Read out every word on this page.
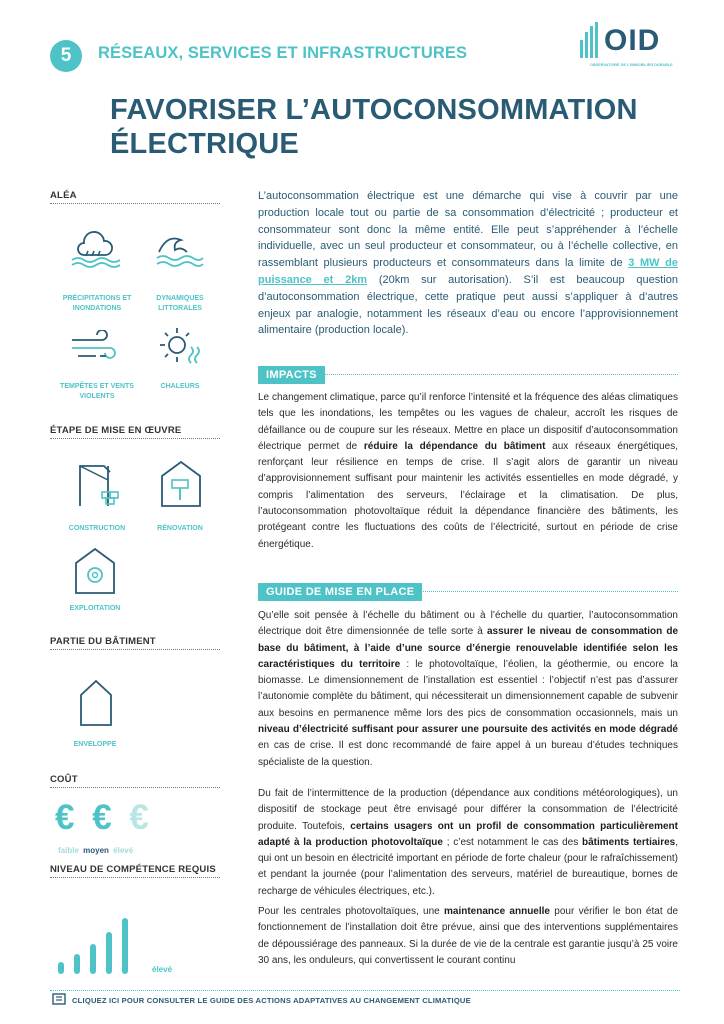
5	RÉSEAUX, SERVICES ET INFRASTRUCTURES	OID
OBSERVATOIRE DE L'IMMOBILIER DURABLE
FAVORISER L’AUTOCONSOMMATION
ÉLECTRIQUE
ALÉA
PRÉCIPITATIONS ET
INONDATIONS
DYNAMIQUES
LITTORALES
TEMPÊTES ET VENTS
VIOLENTS
CHALEURS
ÉTAPE DE MISE EN ŒUVRE
CONSTRUCTION	RÉNOVATION
EXPLOITATION
PARTIE DU BÂTIMENT
ENVELOPPE
COÛT
€ € €
faible moyen élevé
NIVEAU DE COMPÉTENCE REQUIS
élevé
L’autoconsommation électrique est une démarche qui vise à couvrir par une production locale tout ou partie de sa consommation d’électricité ; producteur et consommateur sont donc la même entité. Elle peut s’appréhender à l’échelle individuelle, avec un seul producteur et consommateur, ou à l’échelle collective, en rassemblant plusieurs producteurs et consommateurs dans la limite de 3 MW de puissance et 2km (20km sur autorisation). S’il est beaucoup question d’autoconsommation électrique, cette pratique peut aussi s’appliquer à d’autres enjeux par analogie, notamment les réseaux d’eau ou encore l’approvisionnement alimentaire (production locale).
IMPACTS
Le changement climatique, parce qu’il renforce l’intensité et la fréquence des aléas climatiques tels que les inondations, les tempêtes ou les vagues de chaleur, accroît les risques de défaillance ou de coupure sur les réseaux. Mettre en place un dispositif d’autoconsommation électrique permet de réduire la dépendance du bâtiment aux réseaux énergétiques, renforçant leur résilience en temps de crise. Il s’agit alors de garantir un niveau d’approvisionnement suffisant pour maintenir les activités essentielles en mode dégradé, y compris l’alimentation des serveurs, l’éclairage et la climatisation. De plus, l’autoconsommation photovoltaïque réduit la dépendance financière des bâtiments, les protégeant contre les fluctuations des coûts de l’électricité, surtout en période de crise énergétique.
GUIDE DE MISE EN PLACE
Qu’elle soit pensée à l’échelle du bâtiment ou à l’échelle du quartier, l’autoconsommation électrique doit être dimensionnée de telle sorte à assurer le niveau de consommation de base du bâtiment, à l’aide d’une source d’énergie renouvelable identifiée selon les caractéristiques du territoire : le photovoltaïque, l’éolien, la géothermie, ou encore la biomasse. Le dimensionnement de l’installation est essentiel : l’objectif n’est pas d’assurer l’autonomie complète du bâtiment, qui nécessiterait un dimensionnement capable de subvenir aux besoins en permanence même lors des pics de consommation occasionnels, mais un niveau d’électricité suffisant pour assurer une poursuite des activités en mode dégradé en cas de crise. Il est donc recommandé de faire appel à un bureau d’études techniques spécialiste de la question.
Du fait de l’intermittence de la production (dépendance aux conditions météorologiques), un dispositif de stockage peut être envisagé pour différer la consommation de l’électricité produite. Toutefois, certains usagers ont un profil de consommation particulièrement adapté à la production photovoltaïque ; c’est notamment le cas des bâtiments tertiaires, qui ont un besoin en électricité important en période de forte chaleur (pour le rafraîchissement) et pendant la journée (pour l’alimentation des serveurs, matériel de bureautique, bornes de recharge de véhicules électriques, etc.).
Pour les centrales photovoltaïques, une maintenance annuelle pour vérifier le bon état de fonctionnement de l’installation doit être prévue, ainsi que des interventions supplémentaires de dépoussiérage des panneaux. Si la durée de vie de la centrale est garantie jusqu’à 25 voire 30 ans, les onduleurs, qui convertissent le courant continu
CLIQUEZ ICI POUR CONSULTER LE GUIDE DES ACTIONS ADAPTATIVES AU CHANGEMENT CLIMATIQUE
